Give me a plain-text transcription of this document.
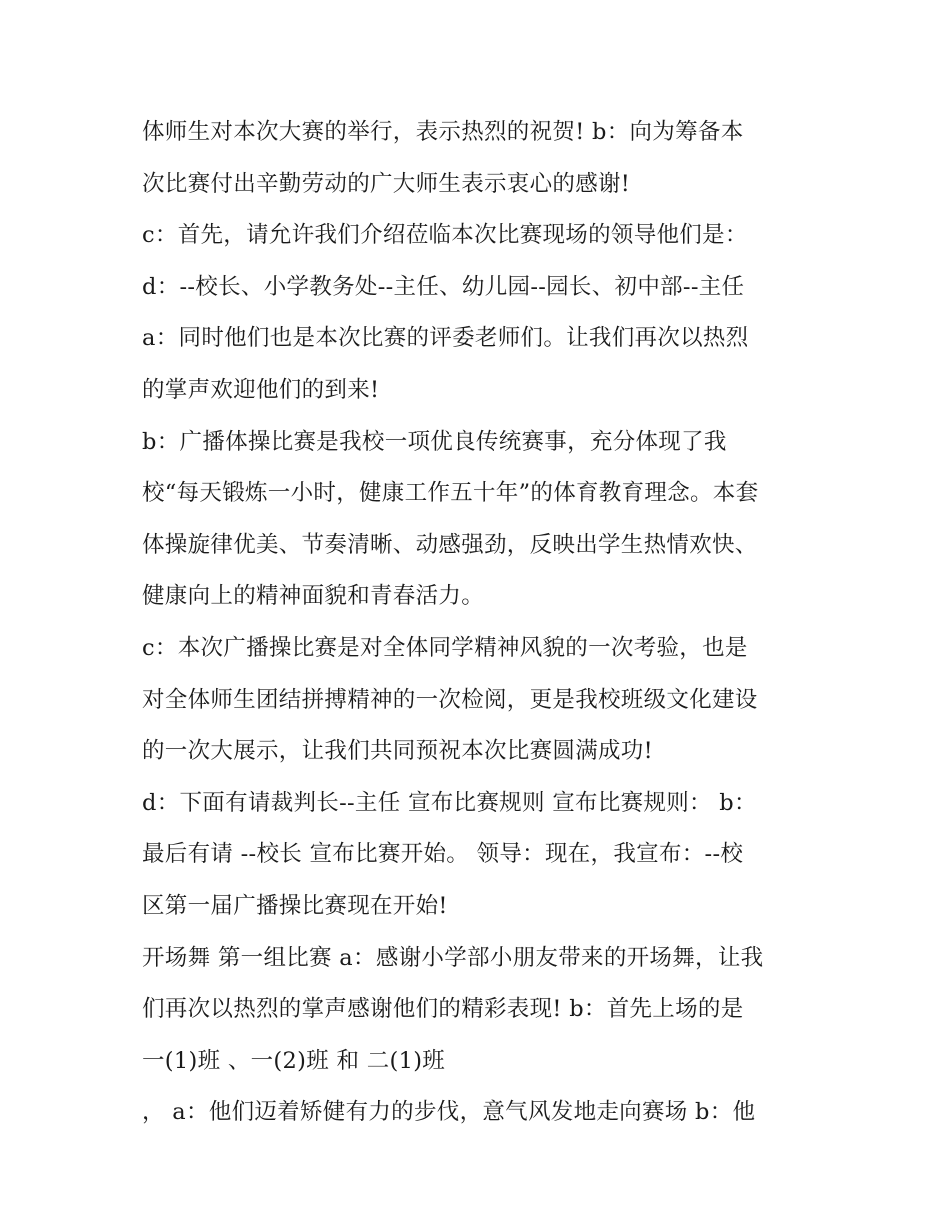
体师生对本次大赛的举行，表示热烈的祝贺! b：向为筹备本
次比赛付出辛勤劳动的广大师生表示衷心的感谢!
c：首先，请允许我们介绍莅临本次比赛现场的领导他们是：
d：--校长、小学教务处--主任、幼儿园--园长、初中部--主任
a：同时他们也是本次比赛的评委老师们。让我们再次以热烈
的掌声欢迎他们的到来!
b：广播体操比赛是我校一项优良传统赛事，充分体现了我
校“每天锻炼一小时，健康工作五十年”的体育教育理念。本套
体操旋律优美、节奏清晰、动感强劲，反映出学生热情欢快、
健康向上的精神面貌和青春活力。
c：本次广播操比赛是对全体同学精神风貌的一次考验，也是
对全体师生团结拼搏精神的一次检阅，更是我校班级文化建设
的一次大展示，让我们共同预祝本次比赛圆满成功!
d：下面有请裁判长--主任 宣布比赛规则 宣布比赛规则： b：
最后有请 --校长 宣布比赛开始。 领导：现在，我宣布：--校
区第一届广播操比赛现在开始!
开场舞 第一组比赛 a：感谢小学部小朋友带来的开场舞，让我
们再次以热烈的掌声感谢他们的精彩表现! b：首先上场的是
一(1)班 、一(2)班 和 二(1)班
， a：他们迈着矫健有力的步伐，意气风发地走向赛场 b：他
